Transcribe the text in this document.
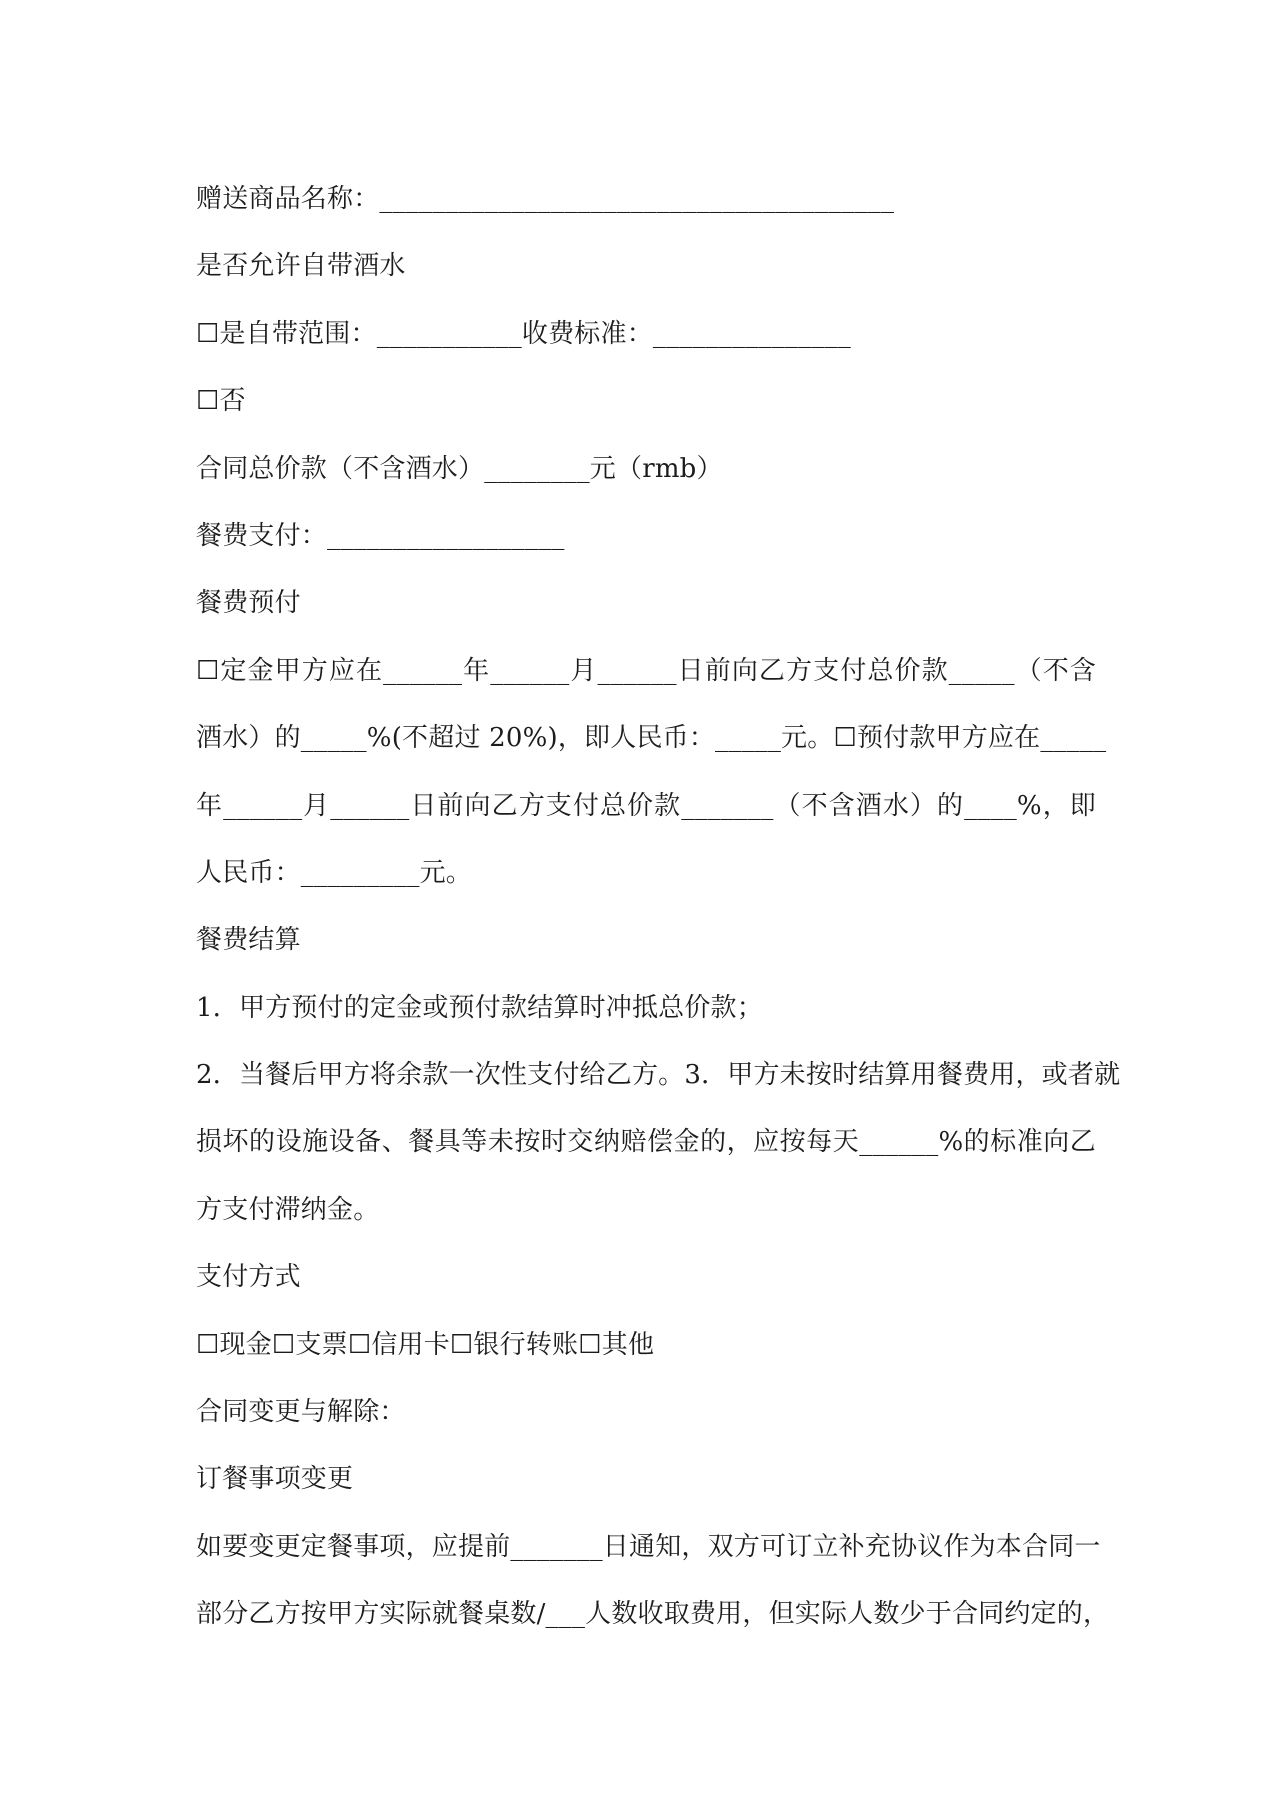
赠送商品名称：_______________________________________
是否允许自带酒水
☐是自带范围：___________收费标准：_______________
☐否
合同总价款（不含酒水）________元（rmb）
餐费支付：__________________
餐费预付
☐定金甲方应在______年______月______日前向乙方支付总价款_____（不含
酒水）的_____%(不超过 20%)，即人民币：_____元。☐预付款甲方应在_____
年______月______日前向乙方支付总价款_______（不含酒水）的____%，即
人民币：_________元。
餐费结算
1．甲方预付的定金或预付款结算时冲抵总价款；
2．当餐后甲方将余款一次性支付给乙方。3．甲方未按时结算用餐费用，或者就
损坏的设施设备、餐具等未按时交纳赔偿金的，应按每天______%的标准向乙
方支付滞纳金。
支付方式
☐现金☐支票☐信用卡☐银行转账☐其他
合同变更与解除：
订餐事项变更
如要变更定餐事项，应提前_______日通知，双方可订立补充协议作为本合同一
部分乙方按甲方实际就餐桌数/___人数收取费用，但实际人数少于合同约定的，
